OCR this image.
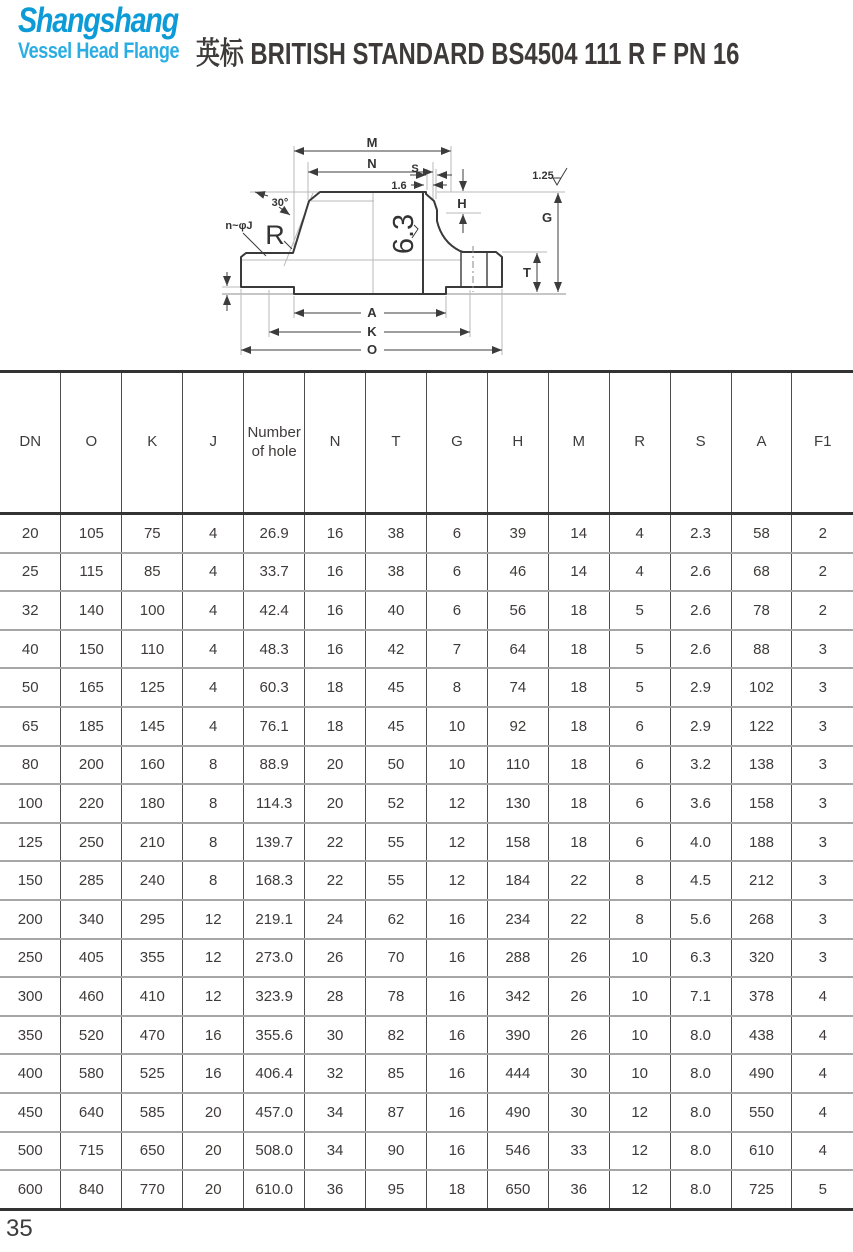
Shangshang
Vessel Head Flange 英标 BRITISH STANDARD BS4504 111 R F PN 16
M
N	S
1.6
H
G
1.25
30°
n~φJ R	6.3
T
A
K
O
DN	O	K	J	Number of hole	N	T	G	H	M	R	S	A	F1
20	105	75	4	26.9	16	38	6	39	14	4	2.3	58	2
25	115	85	4	33.7	16	38	6	46	14	4	2.6	68	2
32	140	100	4	42.4	16	40	6	56	18	5	2.6	78	2
40	150	110	4	48.3	16	42	7	64	18	5	2.6	88	3
50	165	125	4	60.3	18	45	8	74	18	5	2.9	102	3
65	185	145	4	76.1	18	45	10	92	18	6	2.9	122	3
80	200	160	8	88.9	20	50	10	110	18	6	3.2	138	3
100	220	180	8	114.3	20	52	12	130	18	6	3.6	158	3
125	250	210	8	139.7	22	55	12	158	18	6	4.0	188	3
150	285	240	8	168.3	22	55	12	184	22	8	4.5	212	3
200	340	295	12	219.1	24	62	16	234	22	8	5.6	268	3
250	405	355	12	273.0	26	70	16	288	26	10	6.3	320	3
300	460	410	12	323.9	28	78	16	342	26	10	7.1	378	4
350	520	470	16	355.6	30	82	16	390	26	10	8.0	438	4
400	580	525	16	406.4	32	85	16	444	30	10	8.0	490	4
450	640	585	20	457.0	34	87	16	490	30	12	8.0	550	4
500	715	650	20	508.0	34	90	16	546	33	12	8.0	610	4
600	840	770	20	610.0	36	95	18	650	36	12	8.0	725	5
35
